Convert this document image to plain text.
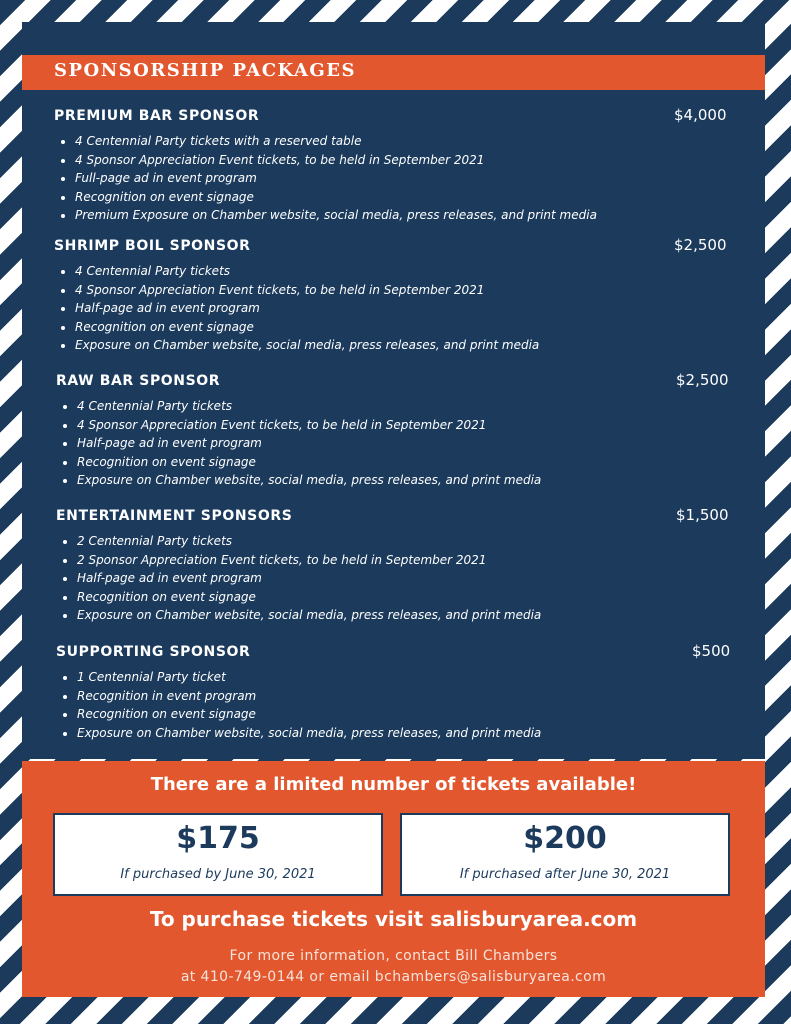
SPONSORSHIP PACKAGES
PREMIUM BAR SPONSOR	$4,000
• 4 Centennial Party tickets with a reserved table
• 4 Sponsor Appreciation Event tickets, to be held in September 2021
• Full-page ad in event program
• Recognition on event signage
• Premium Exposure on Chamber website, social media, press releases, and print media
SHRIMP BOIL SPONSOR	$2,500
• 4 Centennial Party tickets
• 4 Sponsor Appreciation Event tickets, to be held in September 2021
• Half-page ad in event program
• Recognition on event signage
• Exposure on Chamber website, social media, press releases, and print media
RAW BAR SPONSOR	$2,500
• 4 Centennial Party tickets
• 4 Sponsor Appreciation Event tickets, to be held in September 2021
• Half-page ad in event program
• Recognition on event signage
• Exposure on Chamber website, social media, press releases, and print media
ENTERTAINMENT SPONSORS	$1,500
• 2 Centennial Party tickets
• 2 Sponsor Appreciation Event tickets, to be held in September 2021
• Half-page ad in event program
• Recognition on event signage
• Exposure on Chamber website, social media, press releases, and print media
SUPPORTING SPONSOR	$500
• 1 Centennial Party ticket
• Recognition in event program
• Recognition on event signage
• Exposure on Chamber website, social media, press releases, and print media

There are a limited number of tickets available!

$175
If purchased by June 30, 2021
$200
If purchased after June 30, 2021
To purchase tickets visit salisburyarea.com
For more information, contact Bill Chambers
at 410-749-0144 or email bchambers@salisburyarea.com
